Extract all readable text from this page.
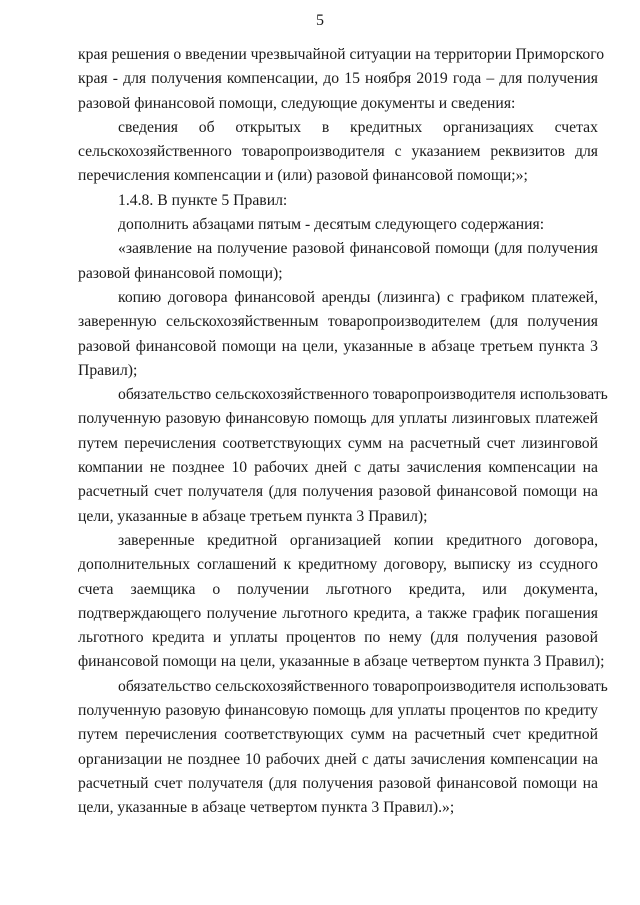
5
края решения о введении чрезвычайной ситуации на территории Приморского
края - для получения компенсации, до 15 ноября 2019 года – для получения
разовой финансовой помощи, следующие документы и сведения:
сведения об открытых в кредитных организациях счетах
сельскохозяйственного товаропроизводителя с указанием реквизитов для
перечисления компенсации и (или) разовой финансовой помощи;»;
1.4.8. В пункте 5 Правил:
дополнить абзацами пятым - десятым следующего содержания:
«заявление на получение разовой финансовой помощи (для получения
разовой финансовой помощи);
копию договора финансовой аренды (лизинга) с графиком платежей,
заверенную сельскохозяйственным товаропроизводителем (для получения
разовой финансовой помощи на цели, указанные в абзаце третьем пункта 3
Правил);
обязательство сельскохозяйственного товаропроизводителя использовать
полученную разовую финансовую помощь для уплаты лизинговых платежей
путем перечисления соответствующих сумм на расчетный счет лизинговой
компании не позднее 10 рабочих дней с даты зачисления компенсации на
расчетный счет получателя (для получения разовой финансовой помощи на
цели, указанные в абзаце третьем пункта 3 Правил);
заверенные кредитной организацией копии кредитного договора,
дополнительных соглашений к кредитному договору, выписку из ссудного
счета заемщика о получении льготного кредита, или документа,
подтверждающего получение льготного кредита, а также график погашения
льготного кредита и уплаты процентов по нему (для получения разовой
финансовой помощи на цели, указанные в абзаце четвертом пункта 3 Правил);
обязательство сельскохозяйственного товаропроизводителя использовать
полученную разовую финансовую помощь для уплаты процентов по кредиту
путем перечисления соответствующих сумм на расчетный счет кредитной
организации не позднее 10 рабочих дней с даты зачисления компенсации на
расчетный счет получателя (для получения разовой финансовой помощи на
цели, указанные в абзаце четвертом пункта 3 Правил).»;
